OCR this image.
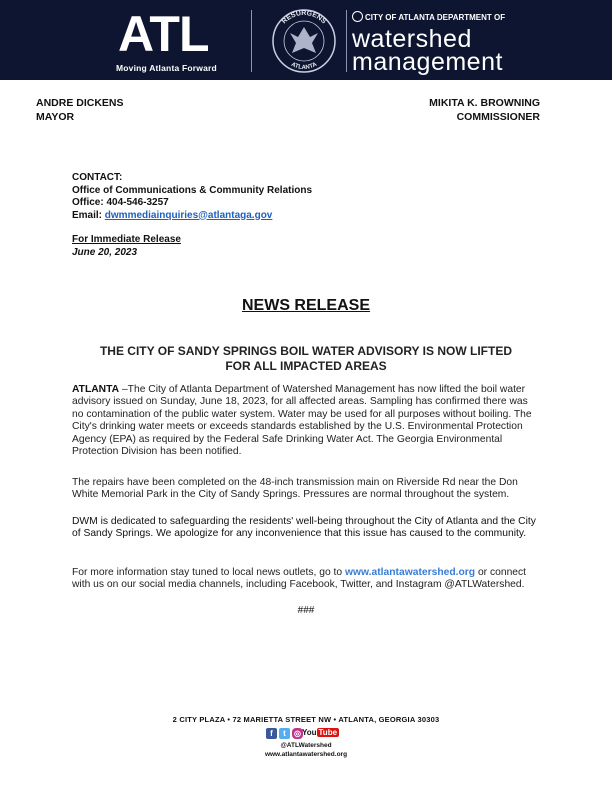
ATL
Moving Atlanta Forward
RESURGENS
ATLANTA
CITY OF ATLANTA DEPARTMENT OF
watershed
management
ANDRE DICKENS
MAYOR
MIKITA K. BROWNING
COMMISSIONER
CONTACT:
Office of Communications & Community Relations
Office: 404-546-3257
Email: dwmmediainquiries@atlantaga.gov
For Immediate Release
June 20, 2023
NEWS RELEASE
THE CITY OF SANDY SPRINGS BOIL WATER ADVISORY IS NOW LIFTED
FOR ALL IMPACTED AREAS
ATLANTA –The City of Atlanta Department of Watershed Management has now lifted the boil water advisory issued on Sunday, June 18, 2023, for all affected areas. Sampling has confirmed there was no contamination of the public water system. Water may be used for all purposes without boiling. The City's drinking water meets or exceeds standards established by the U.S. Environmental Protection Agency (EPA) as required by the Federal Safe Drinking Water Act. The Georgia Environmental Protection Division has been notified.
The repairs have been completed on the 48-inch transmission main on Riverside Rd near the Don White Memorial Park in the City of Sandy Springs. Pressures are normal throughout the system.
DWM is dedicated to safeguarding the residents' well-being throughout the City of Atlanta and the City of Sandy Springs. We apologize for any inconvenience that this issue has caused to the community.
For more information stay tuned to local news outlets, go to www.atlantawatershed.org or connect with us on our social media channels, including Facebook, Twitter, and Instagram @ATLWatershed.
###
2 CITY PLAZA • 72 MARIETTA STREET NW • ATLANTA, GEORGIA 30303
f	t	◎ You Tube
@ATLWatershed
www.atlantawatershed.org
